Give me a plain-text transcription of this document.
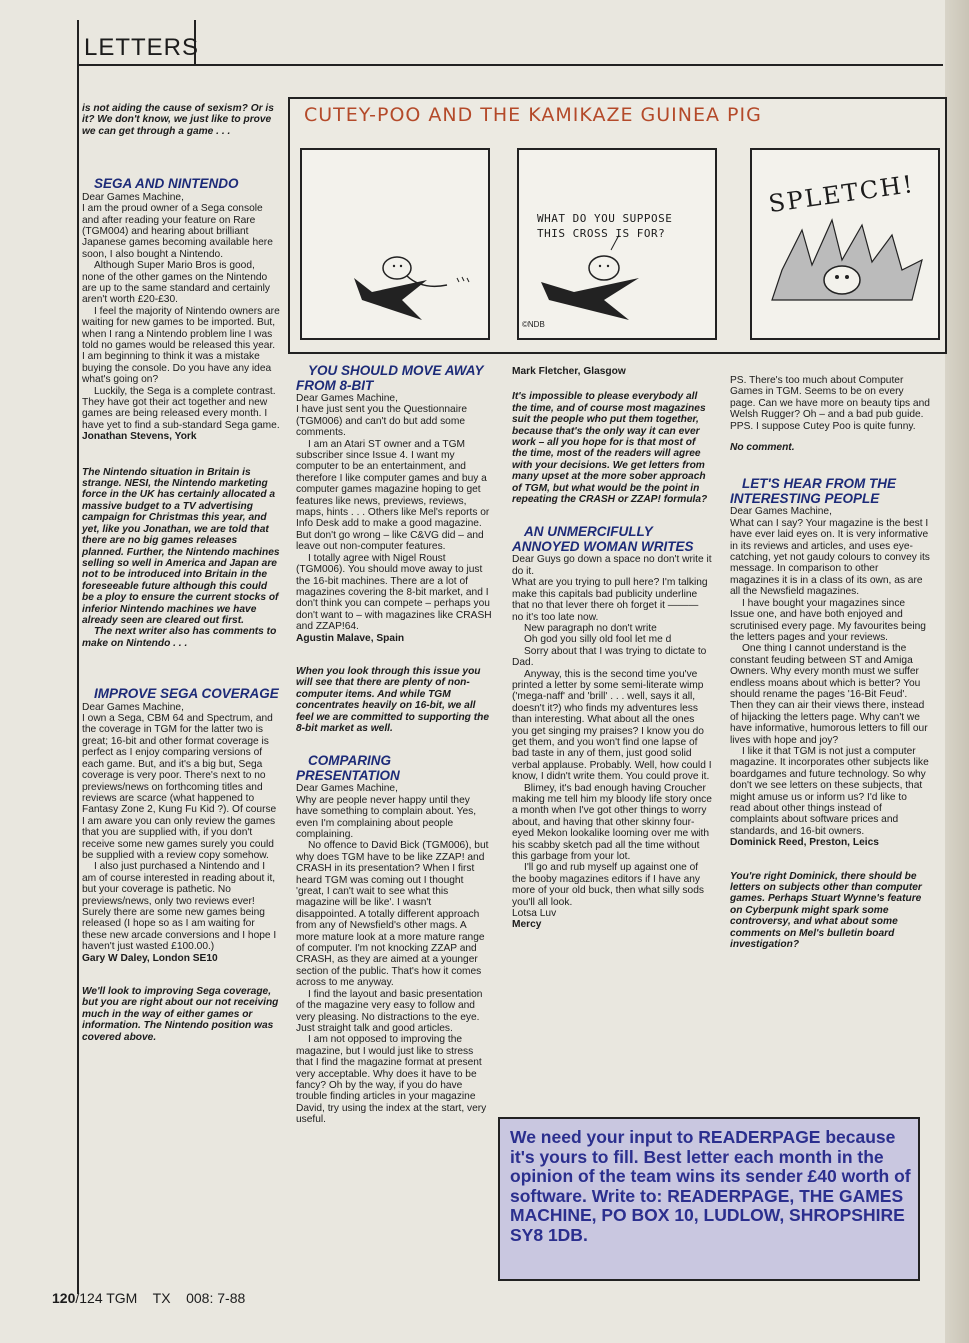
LETTERS
CUTEY-POO AND THE KAMIKAZE GUINEA PIG
WHAT DO YOU SUPPOSE THIS CROSS IS FOR?
©NDB
SPLETCH!

is not aiding the cause of sexism? Or is it? We don't know, we just like to prove we can get through a game . . .

SEGA AND NINTENDO

Dear Games Machine,

I am the proud owner of a Sega console and after reading your feature on Rare (TGM004) and hearing about brilliant Japanese games becoming available here soon, I also bought a Nintendo.

Although Super Mario Bros is good, none of the other games on the Nintendo are up to the same standard and certainly aren't worth £20-£30.

I feel the majority of Nintendo owners are waiting for new games to be imported. But, when I rang a Nintendo problem line I was told no games would be released this year. I am beginning to think it was a mistake buying the console. Do you have any idea what's going on?

Luckily, the Sega is a complete contrast. They have got their act together and new games are being released every month. I have yet to find a sub-standard Sega game.

Jonathan Stevens, York

The Nintendo situation in Britain is strange. NESI, the Nintendo marketing force in the UK has certainly allocated a massive budget to a TV advertising campaign for Christmas this year, and yet, like you Jonathan, we are told that there are no big games releases planned. Further, the Nintendo machines selling so well in America and Japan are not to be introduced into Britain in the foreseeable future although this could be a ploy to ensure the current stocks of inferior Nintendo machines we have already seen are cleared out first.

The next writer also has comments to make on Nintendo . . .

IMPROVE SEGA COVERAGE

Dear Games Machine,

I own a Sega, CBM 64 and Spectrum, and the coverage in TGM for the latter two is great; 16-bit and other format coverage is perfect as I enjoy comparing versions of each game. But, and it's a big but, Sega coverage is very poor. There's next to no previews/news on forthcoming titles and reviews are scarce (what happened to Fantasy Zone 2, Kung Fu Kid ?). Of course I am aware you can only review the games that you are supplied with, if you don't receive some new games surely you could be supplied with a review copy somehow.

I also just purchased a Nintendo and I am of course interested in reading about it, but your coverage is pathetic. No previews/news, only two reviews ever! Surely there are some new games being released (I hope so as I am waiting for these new arcade conversions and I hope I haven't just wasted £100.00.)

Gary W Daley, London SE10

We'll look to improving Sega coverage, but you are right about our not receiving much in the way of either games or information. The Nintendo position was covered above.

YOU SHOULD MOVE AWAY FROM 8-BIT

Dear Games Machine,

I have just sent you the Questionnaire (TGM006) and can't do but add some comments.

I am an Atari ST owner and a TGM subscriber since Issue 4. I want my computer to be an entertainment, and therefore I like computer games and buy a computer games magazine hoping to get features like news, previews, reviews, maps, hints . . . Others like Mel's reports or Info Desk add to make a good magazine. But don't go wrong – like C&VG did – and leave out non-computer features.

I totally agree with Nigel Roust (TGM006). You should move away to just the 16-bit machines. There are a lot of magazines covering the 8-bit market, and I don't think you can compete – perhaps you don't want to – with magazines like CRASH and ZZAP!64.

Agustin Malave, Spain

When you look through this issue you will see that there are plenty of non-computer items. And while TGM concentrates heavily on 16-bit, we all feel we are committed to supporting the 8-bit market as well.

COMPARING PRESENTATION

Dear Games Machine,

Why are people never happy until they have something to complain about. Yes, even I'm complaining about people complaining.

No offence to David Bick (TGM006), but why does TGM have to be like ZZAP! and CRASH in its presentation? When I first heard TGM was coming out I thought 'great, I can't wait to see what this magazine will be like'. I wasn't disappointed. A totally different approach from any of Newsfield's other mags. A more mature look at a more mature range of computer. I'm not knocking ZZAP and CRASH, as they are aimed at a younger section of the public. That's how it comes across to me anyway.

I find the layout and basic presentation of the magazine very easy to follow and very pleasing. No distractions to the eye. Just straight talk and good articles.

I am not opposed to improving the magazine, but I would just like to stress that I find the magazine format at present very acceptable. Why does it have to be fancy? Oh by the way, if you do have trouble finding articles in your magazine David, try using the index at the start, very useful.

Mark Fletcher, Glasgow

It's impossible to please everybody all the time, and of course most magazines suit the people who put them together, because that's the only way it can ever work – all you hope for is that most of the time, most of the readers will agree with your decisions. We get letters from many upset at the more sober approach of TGM, but what would be the point in repeating the CRASH or ZZAP! formula?

AN UNMERCIFULLY ANNOYED WOMAN WRITES

Dear Guys go down a space no don't write it do it.

What are you trying to pull here? I'm talking make this capitals bad publicity underline that no that lever there oh forget it ——— no it's too late now.

New paragraph no don't write

Oh god you silly old fool let me d

Sorry about that I was trying to dictate to Dad.

Anyway, this is the second time you've printed a letter by some semi-literate wimp ('mega-naff' and 'brill' . . . well, says it all, doesn't it?) who finds my adventures less than interesting. What about all the ones you get singing my praises? I know you do get them, and you won't find one lapse of bad taste in any of them, just good solid verbal applause. Probably. Well, how could I know, I didn't write them. You could prove it.

Blimey, it's bad enough having Croucher making me tell him my bloody life story once a month when I've got other things to worry about, and having that other skinny four-eyed Mekon lookalike looming over me with his scabby sketch pad all the time without this garbage from your lot.

I'll go and rub myself up against one of the booby magazines editors if I have any more of your old buck, then what silly sods you'll all look.

Lotsa Luv

Mercy

PS. There's too much about Computer Games in TGM. Seems to be on every page. Can we have more on beauty tips and Welsh Rugger? Oh – and a bad pub guide.

PPS. I suppose Cutey Poo is quite funny.

No comment.

LET'S HEAR FROM THE INTERESTING PEOPLE

Dear Games Machine,

What can I say? Your magazine is the best I have ever laid eyes on. It is very informative in its reviews and articles, and uses eye-catching, yet not gaudy colours to convey its message. In comparison to other magazines it is in a class of its own, as are all the Newsfield magazines.

I have bought your magazines since Issue one, and have both enjoyed and scrutinised every page. My favourites being the letters pages and your reviews.

One thing I cannot understand is the constant feuding between ST and Amiga Owners. Why every month must we suffer endless moans about which is better? You should rename the pages '16-Bit Feud'. Then they can air their views there, instead of hijacking the letters page. Why can't we have informative, humorous letters to fill our lives with hope and joy?

I like it that TGM is not just a computer magazine. It incorporates other subjects like boardgames and future technology. So why don't we see letters on these subjects, that might amuse us or inform us? I'd like to read about other things instead of complaints about software prices and standards, and 16-bit owners.

Dominick Reed, Preston, Leics

You're right Dominick, there should be letters on subjects other than computer games. Perhaps Stuart Wynne's feature on Cyberpunk might spark some controversy, and what about some comments on Mel's bulletin board investigation?

We need your input to READERPAGE because it's yours to fill. Best letter each month in the opinion of the team wins its sender £40 worth of software. Write to: READERPAGE, THE GAMES MACHINE, PO BOX 10, LUDLOW, SHROPSHIRE SY8 1DB.
120/124 TGM    TX    008: 7-88
